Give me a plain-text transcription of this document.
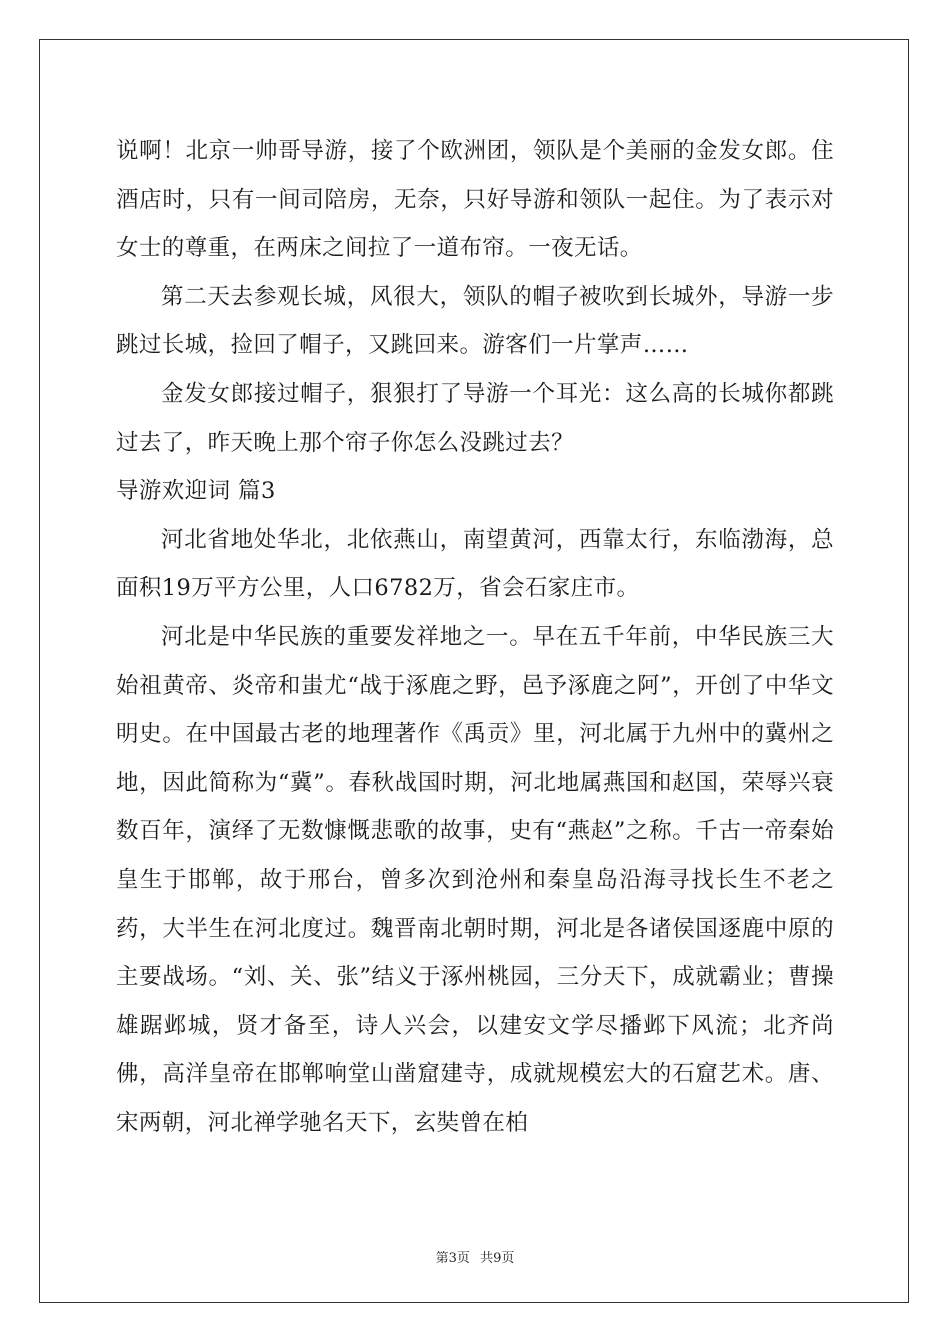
说啊！北京一帅哥导游，接了个欧洲团，领队是个美丽的金发女郎。住酒店时，只有一间司陪房，无奈，只好导游和领队一起住。为了表示对女士的尊重，在两床之间拉了一道布帘。一夜无话。

第二天去参观长城，风很大，领队的帽子被吹到长城外，导游一步跳过长城，捡回了帽子，又跳回来。游客们一片掌声……

金发女郎接过帽子，狠狠打了导游一个耳光：这么高的长城你都跳过去了，昨天晚上那个帘子你怎么没跳过去？

导游欢迎词 篇3

河北省地处华北，北依燕山，南望黄河，西靠太行，东临渤海，总面积19万平方公里，人口6782万，省会石家庄市。

河北是中华民族的重要发祥地之一。早在五千年前，中华民族三大始祖黄帝、炎帝和蚩尤“战于涿鹿之野，邑予涿鹿之阿”，开创了中华文明史。在中国最古老的地理著作《禹贡》里，河北属于九州中的冀州之地，因此简称为“冀”。春秋战国时期，河北地属燕国和赵国，荣辱兴衰数百年，演绎了无数慷慨悲歌的故事，史有“燕赵”之称。千古一帝秦始皇生于邯郸，故于邢台，曾多次到沧州和秦皇岛沿海寻找长生不老之药，大半生在河北度过。魏晋南北朝时期，河北是各诸侯国逐鹿中原的主要战场。“刘、关、张”结义于涿州桃园，三分天下，成就霸业；曹操雄踞邺城，贤才备至，诗人兴会，以建安文学尽播邺下风流；北齐尚佛，高洋皇帝在邯郸响堂山凿窟建寺，成就规模宏大的石窟艺术。唐、宋两朝，河北禅学驰名天下，玄奘曾在柏

第3页 共9页
